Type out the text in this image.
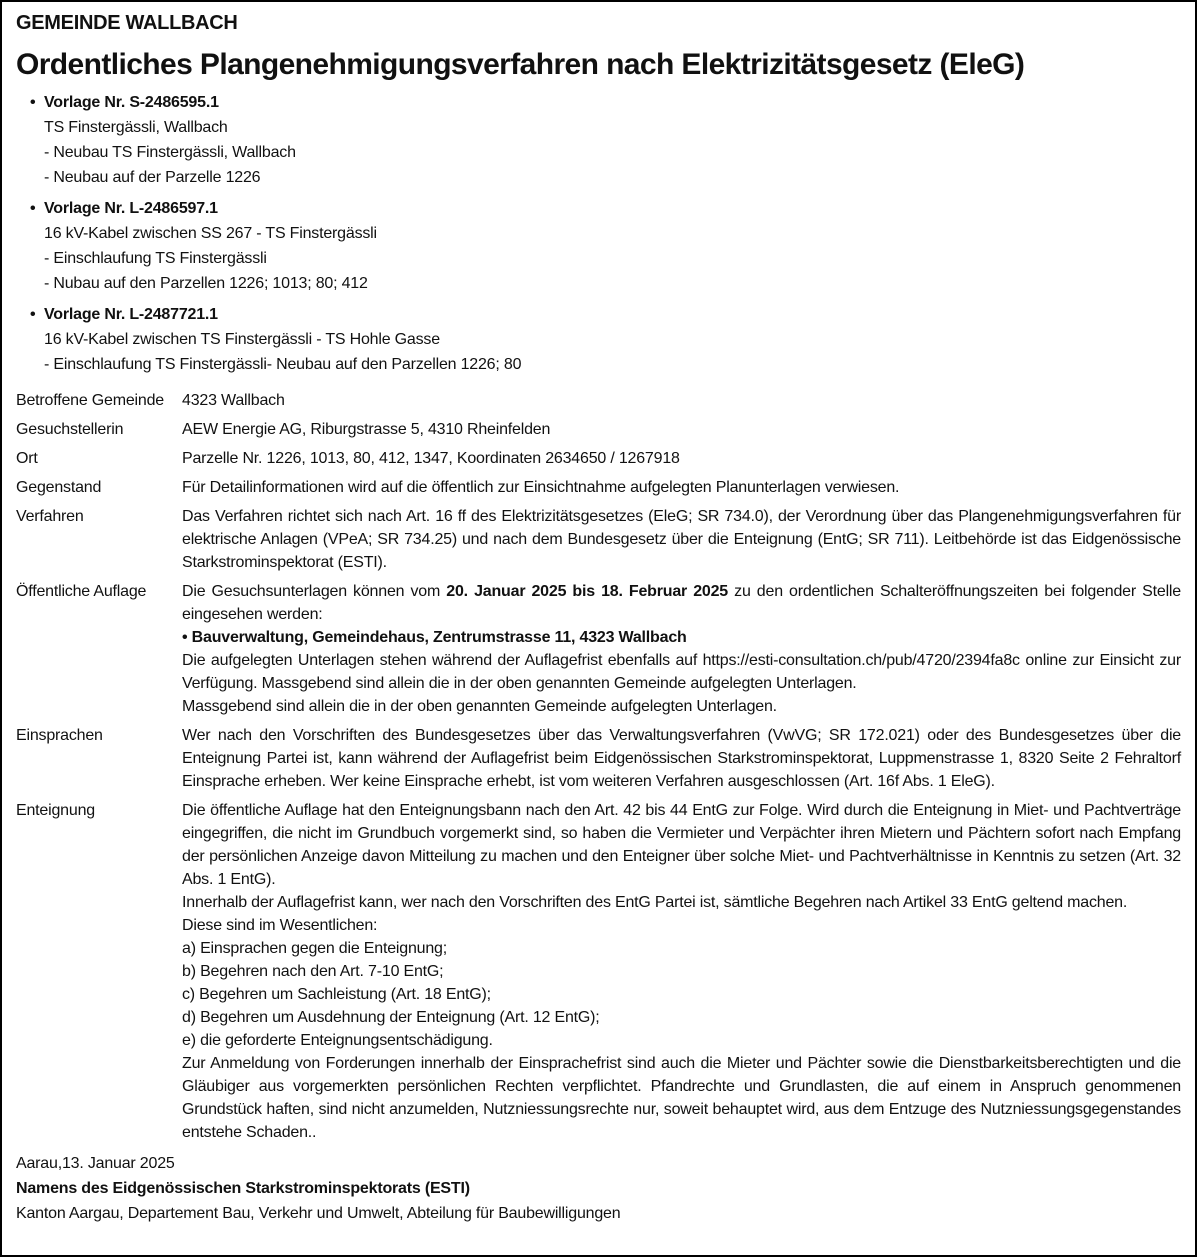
GEMEINDE WALLBACH
Ordentliches Plangenehmigungsverfahren nach Elektrizitätsgesetz (EleG)
• Vorlage Nr. S-2486595.1
TS Finstergässli, Wallbach
- Neubau TS Finstergässli, Wallbach
- Neubau auf der Parzelle 1226
• Vorlage Nr. L-2486597.1
16 kV-Kabel zwischen SS 267 - TS Finstergässli
- Einschlaufung TS Finstergässli
- Nubau auf den Parzellen 1226; 1013; 80; 412
• Vorlage Nr. L-2487721.1
16 kV-Kabel zwischen TS Finstergässli - TS Hohle Gasse
- Einschlaufung TS Finstergässli- Neubau auf den Parzellen 1226; 80
Betroffene Gemeinde	4323 Wallbach
Gesuchstellerin	AEW Energie AG, Riburgstrasse 5, 4310 Rheinfelden
Ort	Parzelle Nr. 1226, 1013, 80, 412, 1347, Koordinaten 2634650 / 1267918
Gegenstand	Für Detailinformationen wird auf die öffentlich zur Einsichtnahme aufgelegten Planunterlagen verwiesen.
Verfahren	Das Verfahren richtet sich nach Art. 16 ff des Elektrizitätsgesetzes (EleG; SR 734.0), der Verordnung über das Plangenehmigungsverfahren für elektrische Anlagen (VPeA; SR 734.25) und nach dem Bundesgesetz über die Enteignung (EntG; SR 711). Leitbehörde ist das Eidgenössische Starkstrominspektorat (ESTI).
Öffentliche Auflage	Die Gesuchsunterlagen können vom 20. Januar 2025 bis 18. Februar 2025 zu den ordentlichen Schalteröffnungszeiten bei folgender Stelle eingesehen werden:
• Bauverwaltung, Gemeindehaus, Zentrumstrasse 11, 4323 Wallbach
Die aufgelegten Unterlagen stehen während der Auflagefrist ebenfalls auf https://esti-consultation.ch/pub/4720/2394fa8c online zur Einsicht zur Verfügung. Massgebend sind allein die in der oben genannten Gemeinde aufgelegten Unterlagen.
Massgebend sind allein die in der oben genannten Gemeinde aufgelegten Unterlagen.
Einsprachen	Wer nach den Vorschriften des Bundesgesetzes über das Verwaltungsverfahren (VwVG; SR 172.021) oder des Bundesgesetzes über die Enteignung Partei ist, kann während der Auflagefrist beim Eidgenössischen Starkstrominspektorat, Luppmenstrasse 1, 8320 Seite 2 Fehraltorf Einsprache erheben. Wer keine Einsprache erhebt, ist vom weiteren Verfahren ausgeschlossen (Art. 16f Abs. 1 EleG).
Enteignung	Die öffentliche Auflage hat den Enteignungsbann nach den Art. 42 bis 44 EntG zur Folge. Wird durch die Enteignung in Miet- und Pachtverträge eingegriffen, die nicht im Grundbuch vorgemerkt sind, so haben die Vermieter und Verpächter ihren Mietern und Pächtern sofort nach Empfang der persönlichen Anzeige davon Mitteilung zu machen und den Enteigner über solche Miet- und Pachtverhältnisse in Kenntnis zu setzen (Art. 32 Abs. 1 EntG).
Innerhalb der Auflagefrist kann, wer nach den Vorschriften des EntG Partei ist, sämtliche Begehren nach Artikel 33 EntG geltend machen.
Diese sind im Wesentlichen:
a) Einsprachen gegen die Enteignung;
b) Begehren nach den Art. 7-10 EntG;
c) Begehren um Sachleistung (Art. 18 EntG);
d) Begehren um Ausdehnung der Enteignung (Art. 12 EntG);
e) die geforderte Enteignungsentschädigung.
Zur Anmeldung von Forderungen innerhalb der Einsprachefrist sind auch die Mieter und Pächter sowie die Dienstbarkeitsberechtigten und die Gläubiger aus vorgemerkten persönlichen Rechten verpflichtet. Pfandrechte und Grundlasten, die auf einem in Anspruch genommenen Grundstück haften, sind nicht anzumelden, Nutzniessungsrechte nur, soweit behauptet wird, aus dem Entzuge des Nutzniessungsgegenstandes entstehe Schaden..
Aarau,13. Januar 2025
Namens des Eidgenössischen Starkstrominspektorats (ESTI)
Kanton Aargau, Departement Bau, Verkehr und Umwelt, Abteilung für Baubewilligungen
